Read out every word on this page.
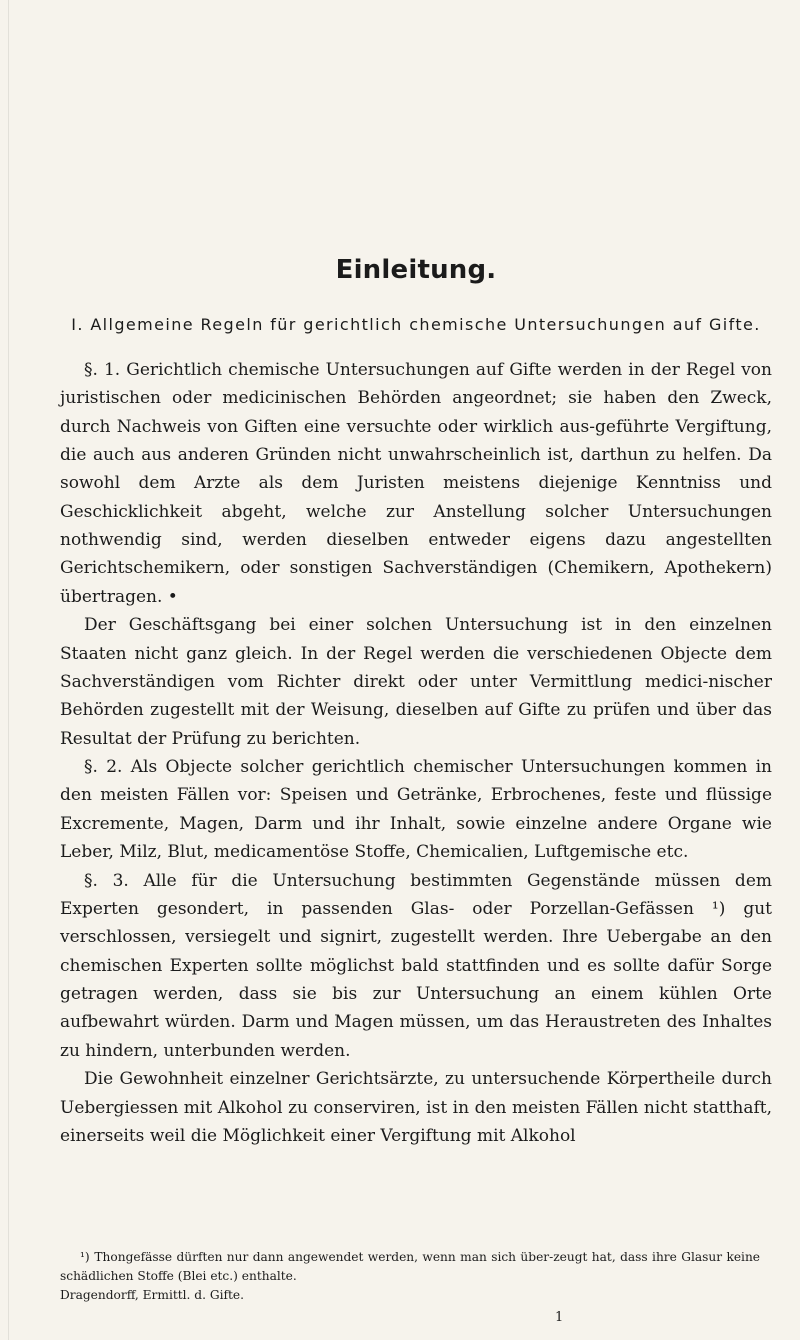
Einleitung.
I. Allgemeine Regeln für gerichtlich chemische Untersuchungen auf Gifte.

§. 1. Gerichtlich chemische Untersuchungen auf Gifte werden in der Regel von juristischen oder medicinischen Behörden angeordnet; sie haben den Zweck, durch Nachweis von Giften eine versuchte oder wirklich aus-geführte Vergiftung, die auch aus anderen Gründen nicht unwahrscheinlich ist, darthun zu helfen. Da sowohl dem Arzte als dem Juristen meistens diejenige Kenntniss und Geschicklichkeit abgeht, welche zur Anstellung solcher Untersuchungen nothwendig sind, werden dieselben entweder eigens dazu angestellten Gerichtschemikern, oder sonstigen Sachverständigen (Chemikern, Apothekern) übertragen. •

Der Geschäftsgang bei einer solchen Untersuchung ist in den einzelnen Staaten nicht ganz gleich. In der Regel werden die verschiedenen Objecte dem Sachverständigen vom Richter direkt oder unter Vermittlung medici-nischer Behörden zugestellt mit der Weisung, dieselben auf Gifte zu prüfen und über das Resultat der Prüfung zu berichten.

§. 2. Als Objecte solcher gerichtlich chemischer Untersuchungen kommen in den meisten Fällen vor: Speisen und Getränke, Erbrochenes, feste und flüssige Excremente, Magen, Darm und ihr Inhalt, sowie einzelne andere Organe wie Leber, Milz, Blut, medicamentöse Stoffe, Chemicalien, Luftgemische etc.

§. 3. Alle für die Untersuchung bestimmten Gegenstände müssen dem Experten gesondert, in passenden Glas- oder Porzellan-Gefässen ¹) gut verschlossen, versiegelt und signirt, zugestellt werden. Ihre Uebergabe an den chemischen Experten sollte möglichst bald stattfinden und es sollte dafür Sorge getragen werden, dass sie bis zur Untersuchung an einem kühlen Orte aufbewahrt würden. Darm und Magen müssen, um das Heraustreten des Inhaltes zu hindern, unterbunden werden.

Die Gewohnheit einzelner Gerichtsärzte, zu untersuchende Körpertheile durch Uebergiessen mit Alkohol zu conserviren, ist in den meisten Fällen nicht statthaft, einerseits weil die Möglichkeit einer Vergiftung mit Alkohol

¹) Thongefässe dürften nur dann angewendet werden, wenn man sich über-zeugt hat, dass ihre Glasur keine schädlichen Stoffe (Blei etc.) enthalte.

Dragendorff, Ermittl. d. Gifte.

1
